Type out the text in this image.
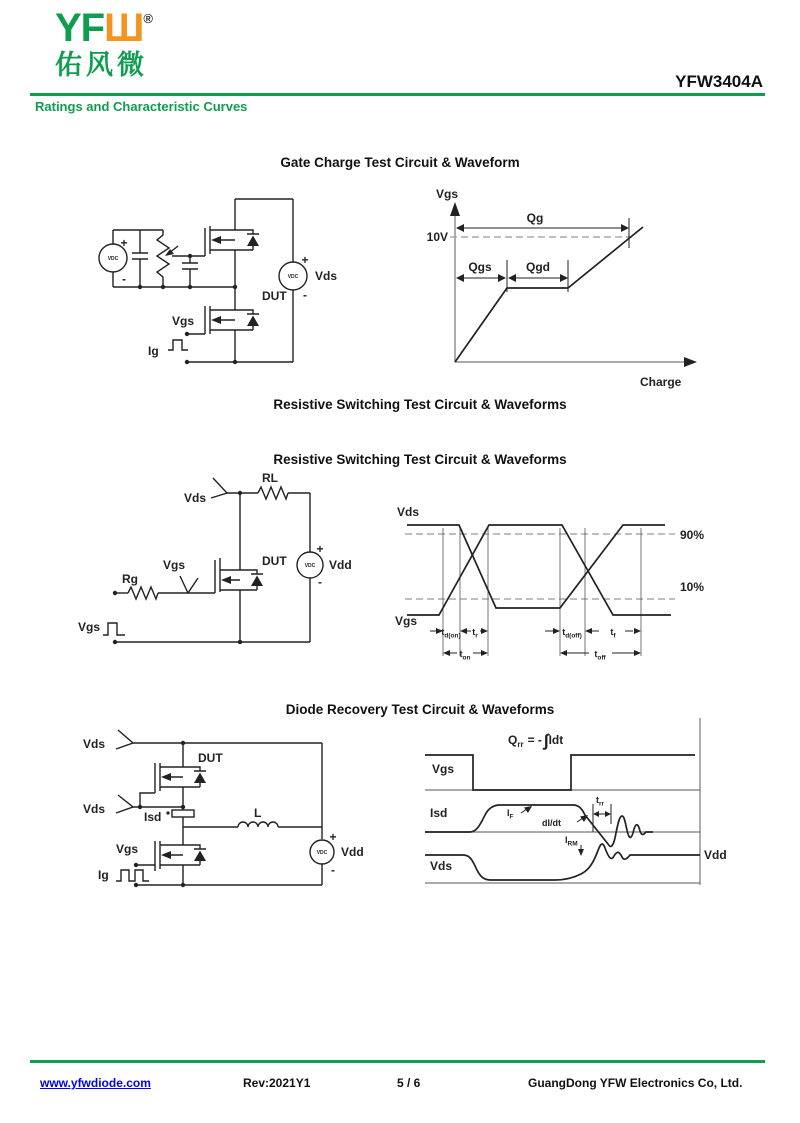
YFШ®
佑风微
YFW3404A
Ratings and Characteristic Curves
Gate Charge Test Circuit & Waveform
VDC
+
-
DUT
Vgs
Ig
VDC
+
Vds
-
Vgs
Charge
10V
Qg
Qgs	Qgd
Resistive Switching Test Circuit & Waveforms
Resistive Switching Test Circuit & Waveforms
Vds
RL
DUT
Rg
Vgs	VDC
+
Vdd
-
Vgs
Vds
Vgs
90%
10%
$t_{d(on)}$ $t_r$
$t_{on}$
$t_{d(off)}$	$t_f$
$t_{off}$
Diode Recovery Test Circuit & Waveforms
Vds
DUT
Vds
Isd	L
Vgs
Ig
VDC
+
Vdd
-
$Q_{rr}$ = - ∫Idt
Vgs
Isd	$I_F$
dI/dt
$t_{rr}$
$I_{RM}$
Vds
Vdd
www.yfwdiode.com	Rev:2021Y1	5 / 6	GuangDong YFW Electronics Co, Ltd.
